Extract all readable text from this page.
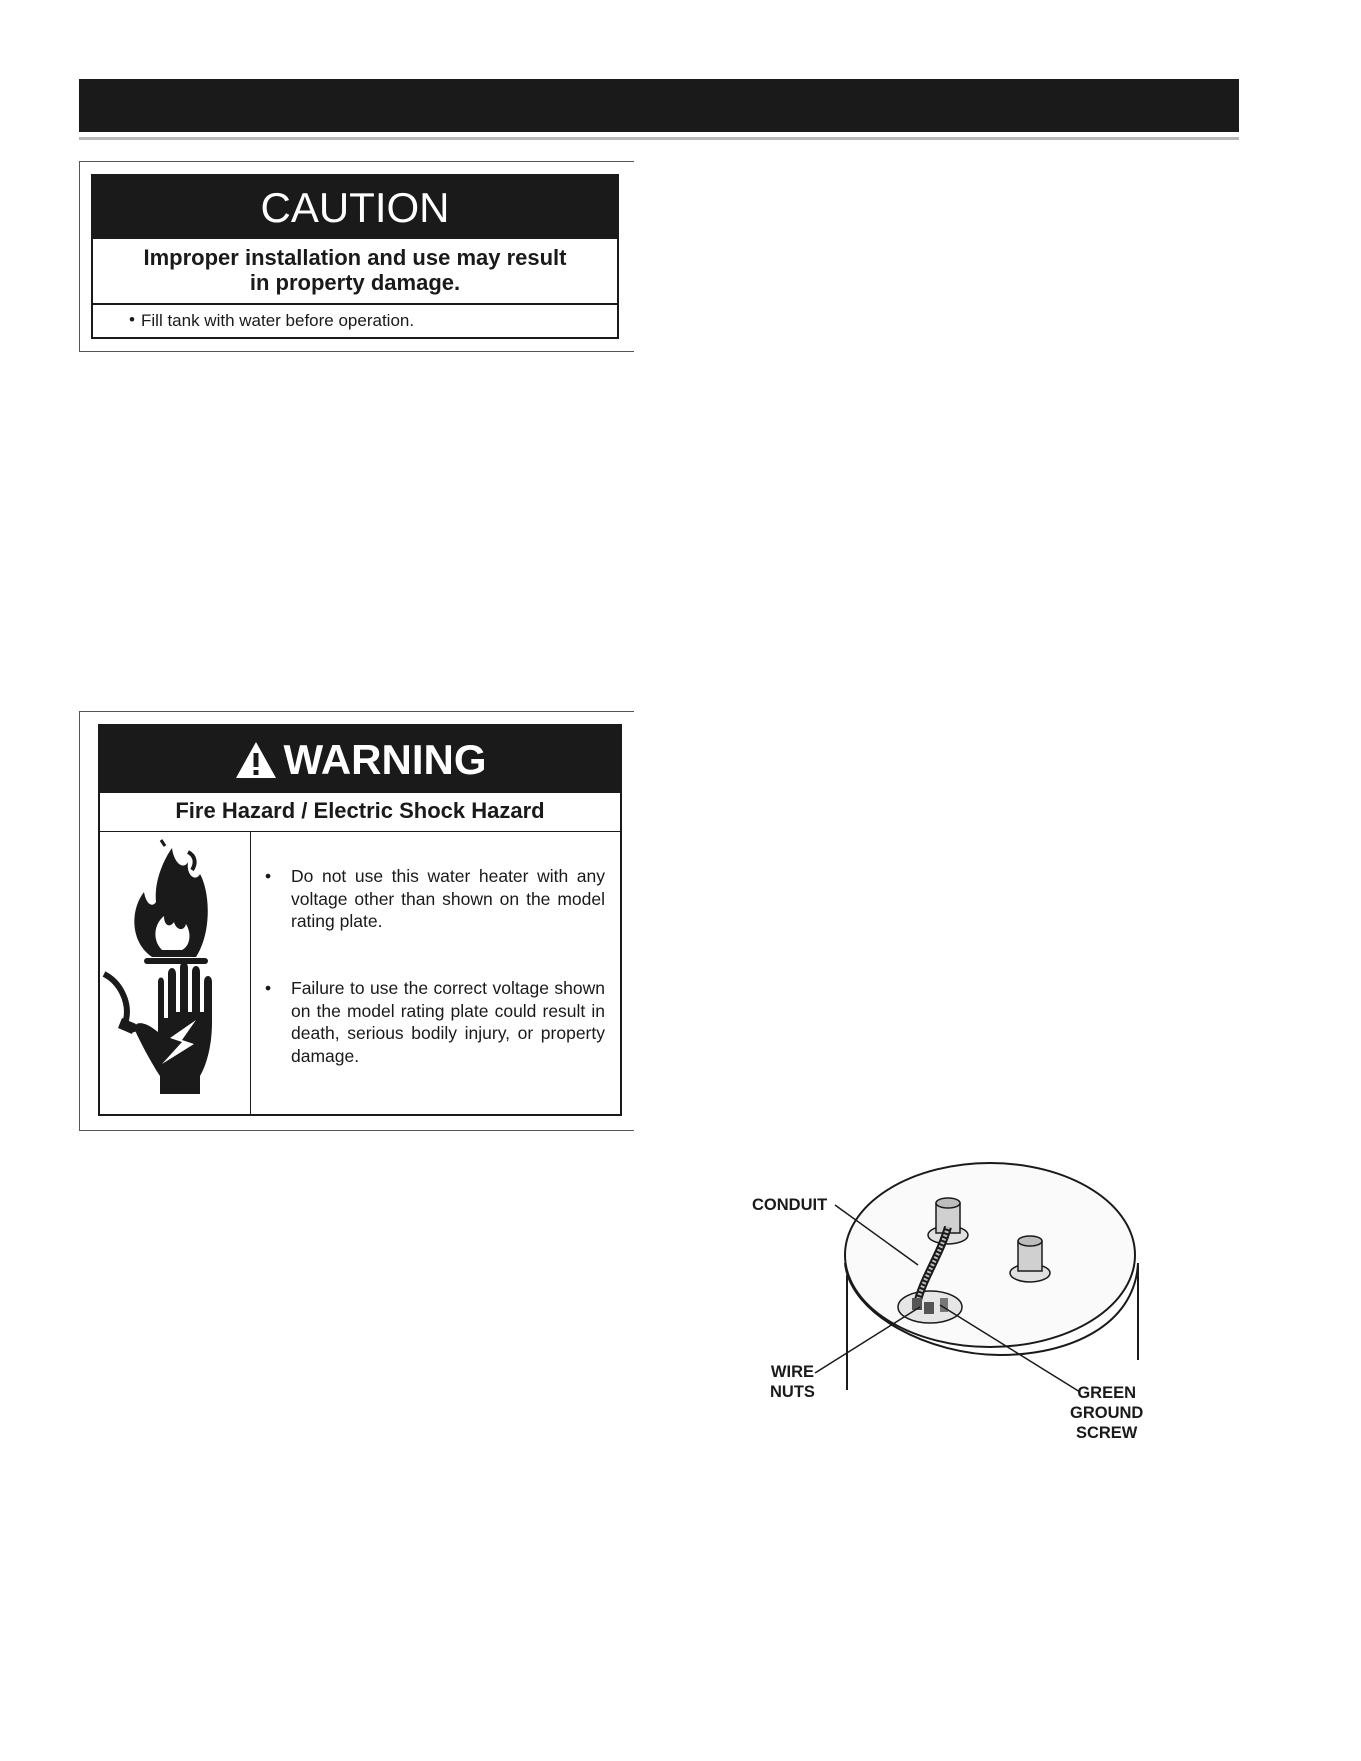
CAUTION
Improper installation and use may result
in property damage.
• Fill tank with water before operation.
WARNING
Fire Hazard / Electric Shock Hazard
• Do not use this water heater with any voltage other than shown on the model rating plate.
• Failure to use the correct voltage shown on the model rating plate could result in death, serious bodily injury, or property damage.
CONDUIT
WIRE
NUTS	GREEN
GROUND
SCREW
